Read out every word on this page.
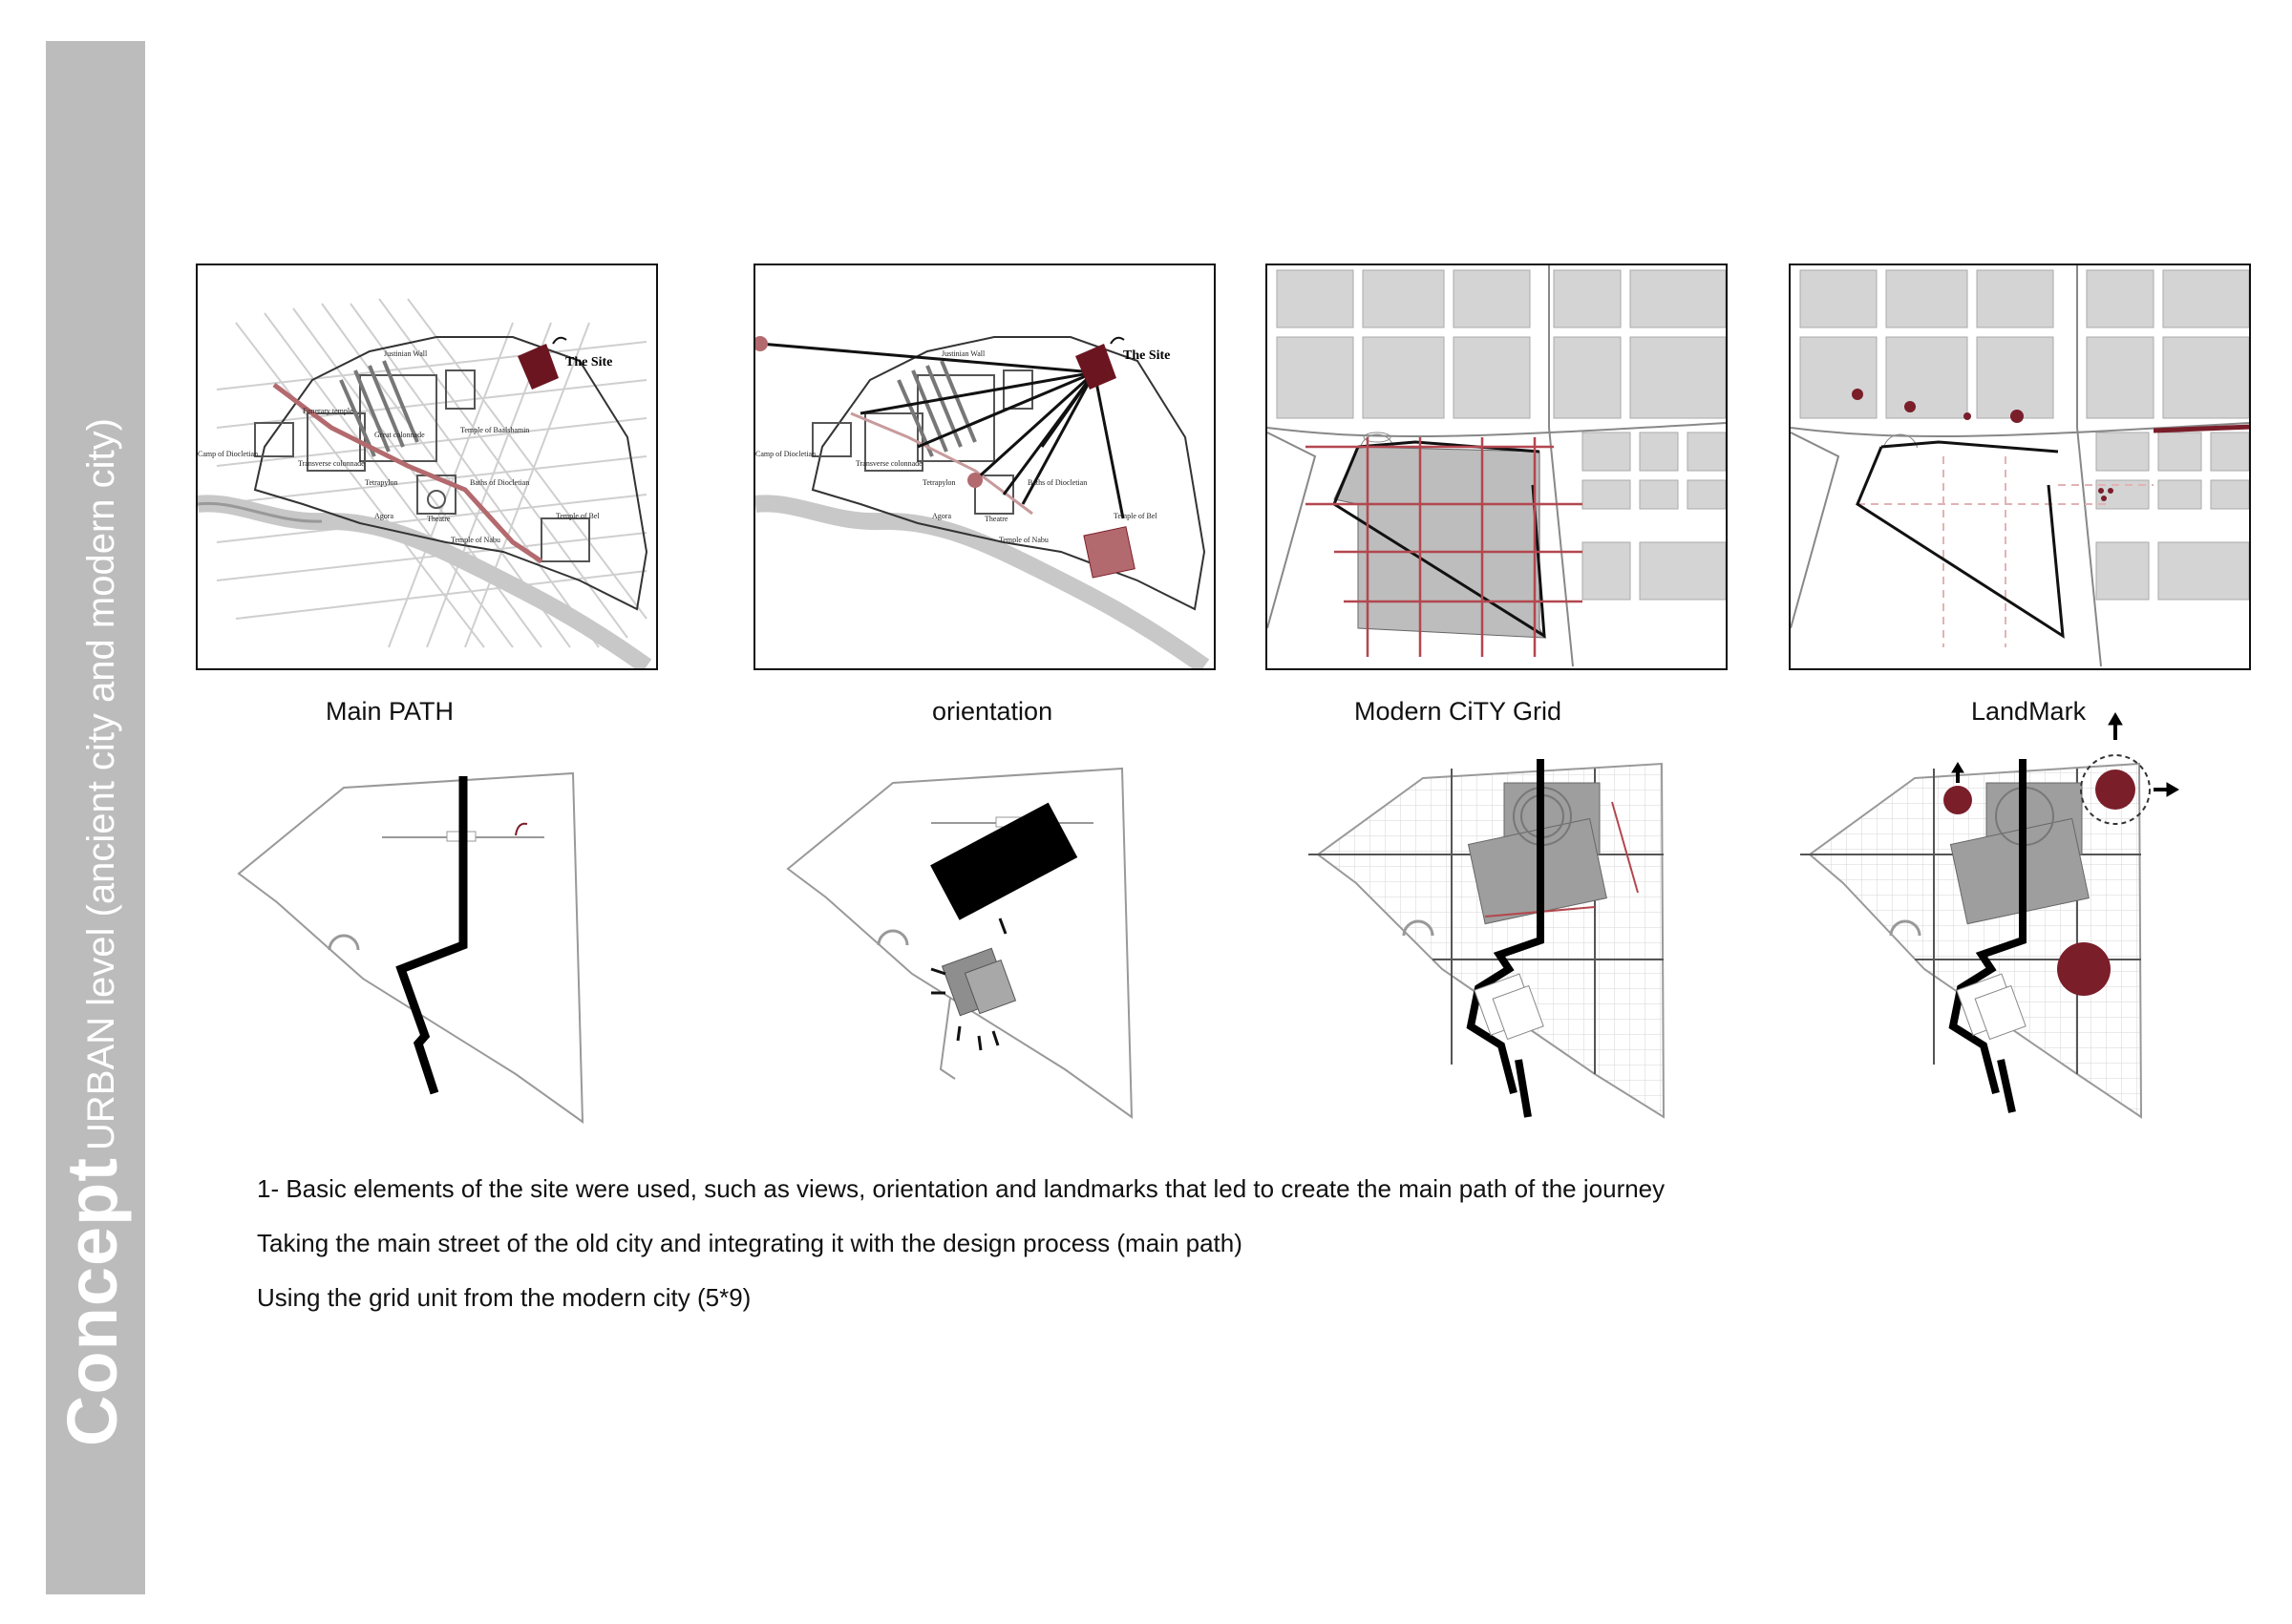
Concept
URBAN level (ancient city and modern city)
The Site
Justinian Wall
Camp of Diocletian
Funerary temple
Transverse colonnade
Tetrapylon
Temple of Baalshamin
Baths of Diocletian
Agora	Theatre
Temple of Nabu
Temple of Bel
Great colonnade
The Site
Justinian Wall
Camp of Diocletian
Transverse colonnade
Tetrapylon	Baths of Diocletian
Agora	Theatre
Temple of Nabu
Temple of Bel
Main PATH	orientation	Modern CiTY Grid	LandMark
1- Basic elements of the site were used, such as views, orientation and landmarks that led to create the main path of the journey
Taking the main street of the old city and integrating it with the design process (main path)
Using the grid unit from the modern city (5*9)
